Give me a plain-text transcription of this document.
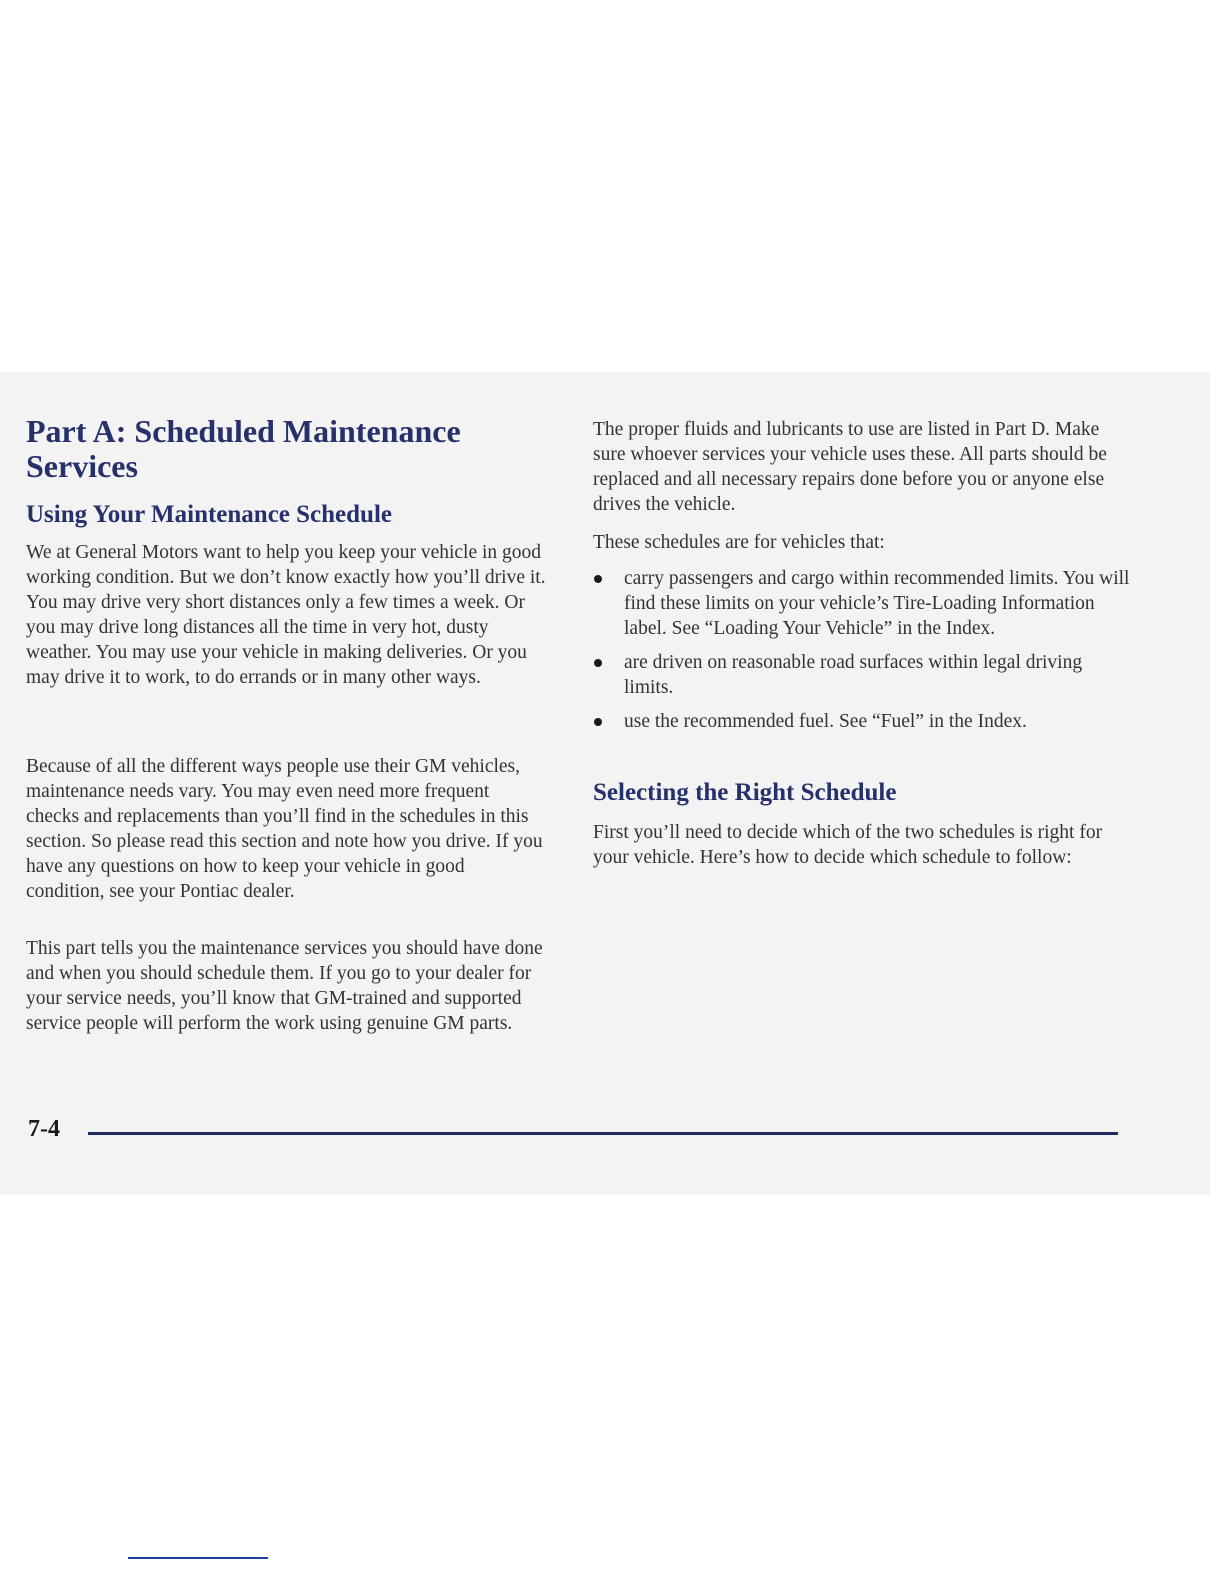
Part A: Scheduled Maintenance Services
Using Your Maintenance Schedule

We at General Motors want to help you keep your vehicle in good working condition. But we don’t know exactly how you’ll drive it. You may drive very short distances only a few times a week. Or you may drive long distances all the time in very hot, dusty weather. You may use your vehicle in making deliveries. Or you may drive it to work, to do errands or in many other ways.

Because of all the different ways people use their GM vehicles, maintenance needs vary. You may even need more frequent checks and replacements than you’ll find in the schedules in this section. So please read this section and note how you drive. If you have any questions on how to keep your vehicle in good condition, see your Pontiac dealer.

This part tells you the maintenance services you should have done and when you should schedule them. If you go to your dealer for your service needs, you’ll know that GM-trained and supported service people will perform the work using genuine GM parts.

The proper fluids and lubricants to use are listed in Part D. Make sure whoever services your vehicle uses these. All parts should be replaced and all necessary repairs done before you or anyone else drives the vehicle.

These schedules are for vehicles that:

carry passengers and cargo within recommended limits. You will find these limits on your vehicle’s Tire-Loading Information label. See “Loading Your Vehicle” in the Index.
are driven on reasonable road surfaces within legal driving limits.
use the recommended fuel. See “Fuel” in the Index.
Selecting the Right Schedule

First you’ll need to decide which of the two schedules is right for your vehicle. Here’s how to decide which schedule to follow:

7-4
